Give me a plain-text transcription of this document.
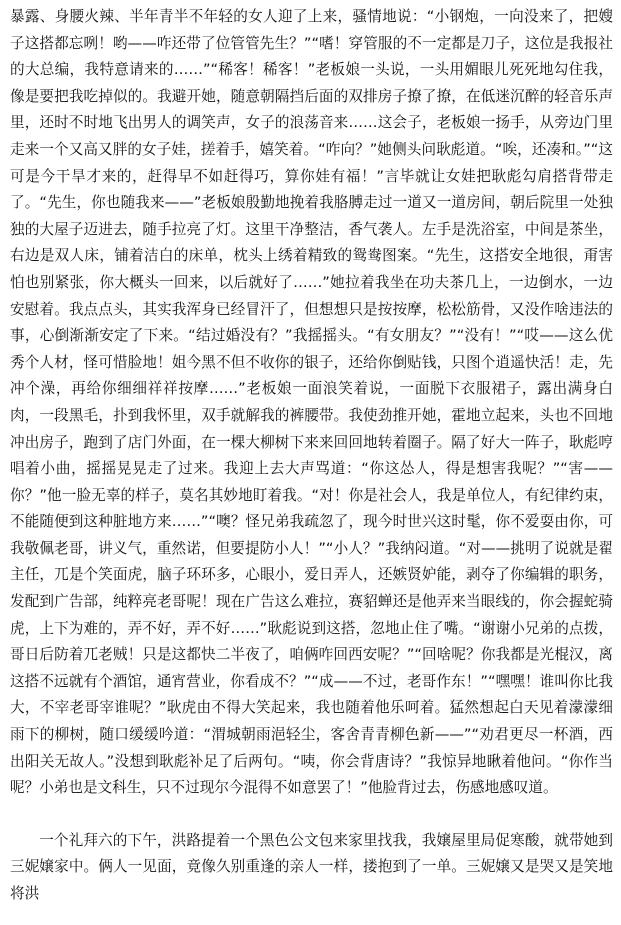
暴露、身腰火辣、半年青半不年轻的女人迎了上来，骚情地说：“小钢炮，一向没来了，把嫂子这搭都忘咧！哟——咋还带了位管管先生？”“嗜！穿管服的不一定都是刀子，这位是我报社的大总编，我特意请来的……”“稀客！稀客！”老板娘一头说，一头用媚眼儿死死地勾住我，像是要把我吃掉似的。我避开她，随意朝隔挡后面的双排房子撩了撩，在低迷沉醉的轻音乐声里，还时不时地飞出男人的调笑声，女子的浪荡音来……这会子，老板娘一扬手，从旁边门里走来一个又高又胖的女子娃，搓着手，嬉笑着。“咋向？”她侧头问耿彪道。“唉，还凑和。”“这可是今干旱才来的，赶得早不如赶得巧，算你娃有福！”言毕就让女娃把耿彪勾肩搭背带走了。“先生，你也随我来——”老板娘殷勤地挽着我胳膊走过一道又一道房间，朝后院里一处独独的大屋子迈进去，随手拉亮了灯。这里干净整洁，香气袭人。左手是洗浴室，中间是茶坐，右边是双人床，铺着洁白的床单，枕头上绣着精致的鸳鸯图案。“先生，这搭安全地很，甭害怕也别紧张，你大概头一回来，以后就好了……”她拉着我坐在功夫茶几上，一边倒水，一边安慰着。我点点头，其实我浑身已经冒汗了，但想想只是按按摩，松松筋骨，又没作啥违法的事，心倒渐渐安定了下来。“结过婚没有？”我摇摇头。“有女朋友？”“没有！”“哎——这么优秀个人材，怪可惜脸地！姐今黑不但不收你的银子，还给你倒贴钱，只图个逍遥快活！走，先冲个澡，再给你细细祥祥按摩……”老板娘一面浪笑着说，一面脱下衣服裙子，露出满身白肉，一段黑毛，扑到我怀里，双手就解我的裤腰带。我使劲推开她，霍地立起来，头也不回地冲出房子，跑到了店门外面，在一棵大柳树下来来回回地转着圈子。隔了好大一阵子，耿彪哼唱着小曲，摇摇晃晃走了过来。我迎上去大声骂道：“你这怂人，得是想害我呢？”“害——你？”他一脸无辜的样子，莫名其妙地盯着我。“对！你是社会人，我是单位人，有纪律约束，不能随便到这种脏地方来……”“噢？怪兄弟我疏忽了，现今时世兴这时髦，你不爱耍由你，可我敬佩老哥，讲义气，重然诺，但要提防小人！”“小人？”我纳闷道。“对——挑明了说就是翟主任，兀是个笑面虎，脑子环环多，心眼小，爱日弄人，还嫉贤妒能，剥夺了你编辑的职务，发配到广告部，纯粹亮老哥呢！现在广告这么难拉，赛貂蝉还是他弄来当眼线的，你会握蛇骑虎，上下为难的，弄不好，弄不好……”耿彪说到这搭，忽地止住了嘴。“谢谢小兄弟的点拨，哥日后防着兀老贼！只是这都快二半夜了，咱俩咋回西安呢？”“回啥呢？你我都是光棍汉，离这搭不远就有个酒馆，通宵营业，你看成不？”“成——不过，老哥作东！”“嘿嘿！谁叫你比我大，不宰老哥宰谁呢？”耿虎由不得大笑起来，我也随着他乐呵着。猛然想起白天见着濛濛细雨下的柳树，随口缓缓吟道：“渭城朝雨浥轻尘，客舍青青柳色新——”“劝君更尽一杯酒，西出阳关无故人。”没想到耿彪补足了后两句。“咦，你会背唐诗？”我惊异地瞅着他问。“你作当呢？小弟也是文科生，只不过现尔今混得不如意罢了！”他脸背过去，伤感地感叹道。

一个礼拜六的下午，洪路提着一个黑色公文包来家里找我，我嬢屋里局促寒酸，就带她到三妮嬢家中。俩人一见面，竟像久别重逢的亲人一样，搂抱到了一单。三妮嬢又是哭又是笑地将洪
